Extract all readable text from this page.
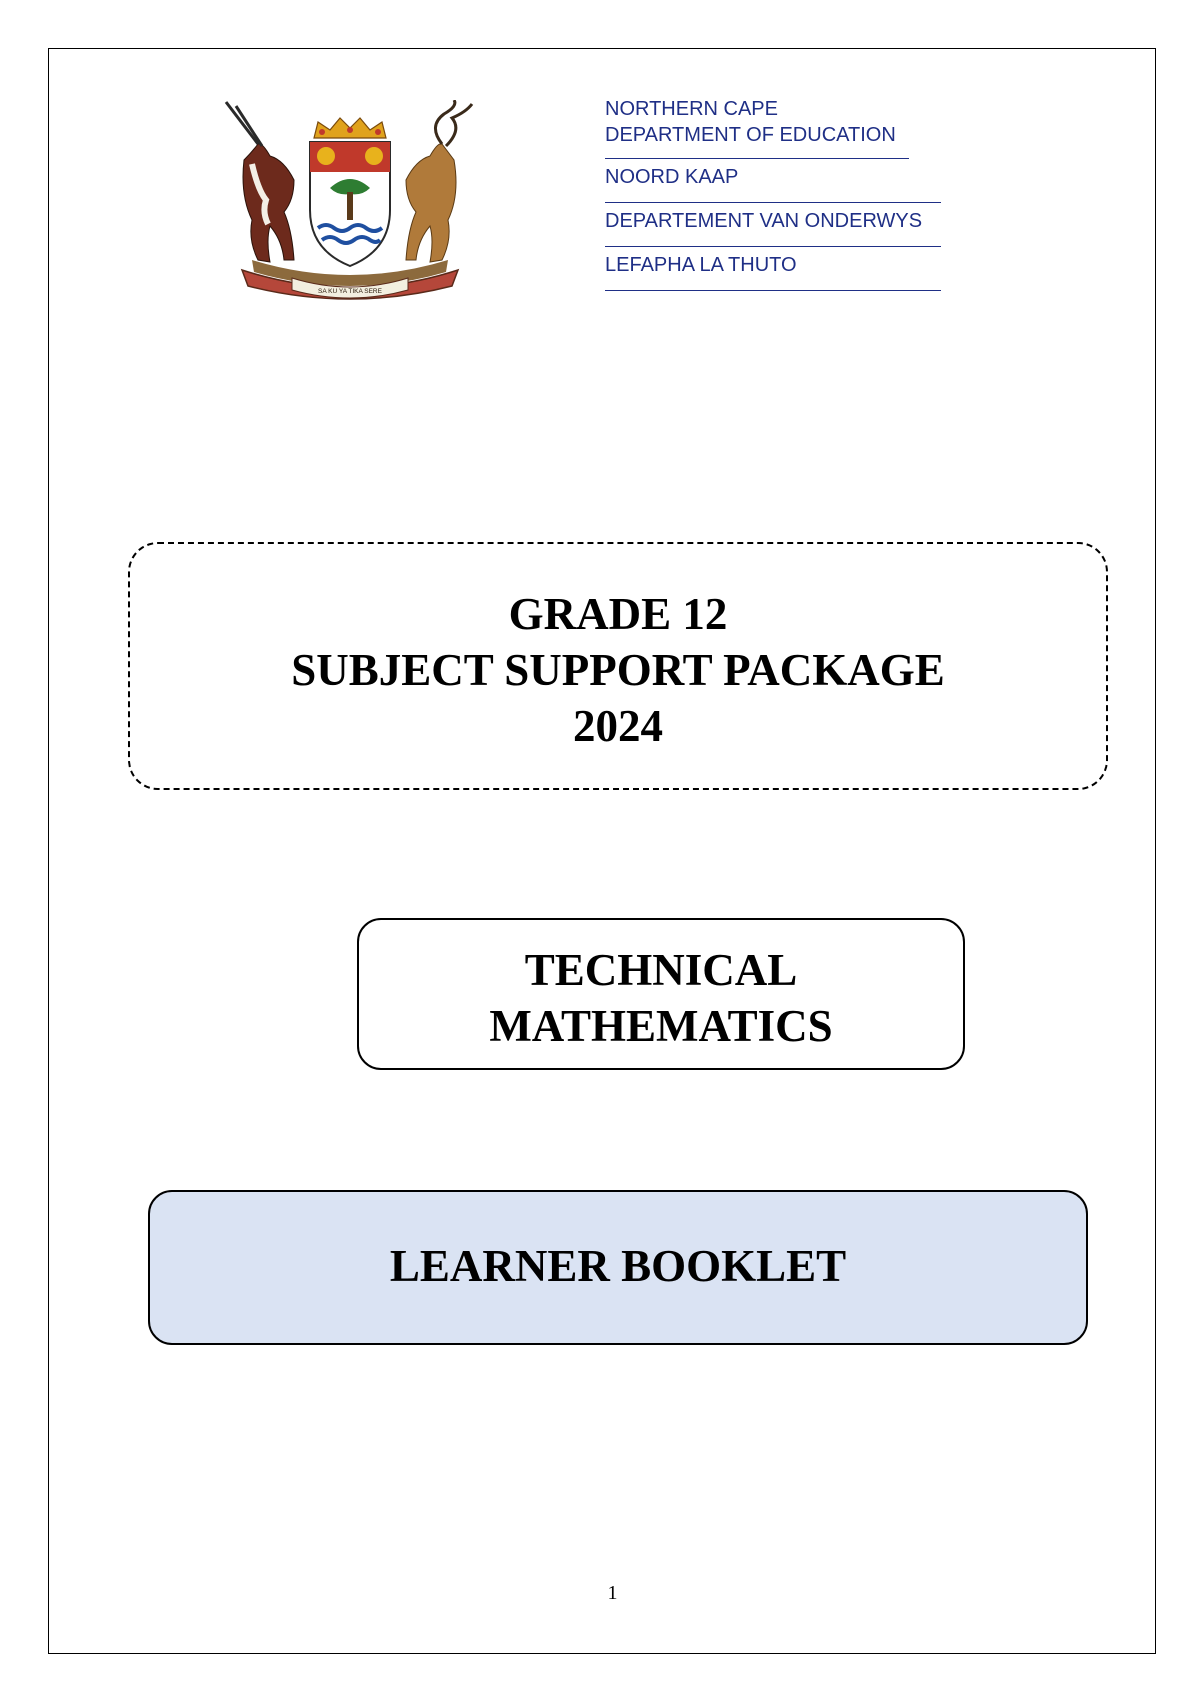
SA KU YA TIKA SERE
NORTHERN CAPE
DEPARTMENT OF EDUCATION
NOORD KAAP
DEPARTEMENT VAN ONDERWYS
LEFAPHA LA THUTO
GRADE 12
SUBJECT SUPPORT PACKAGE
2024
TECHNICAL
MATHEMATICS
LEARNER BOOKLET
1
